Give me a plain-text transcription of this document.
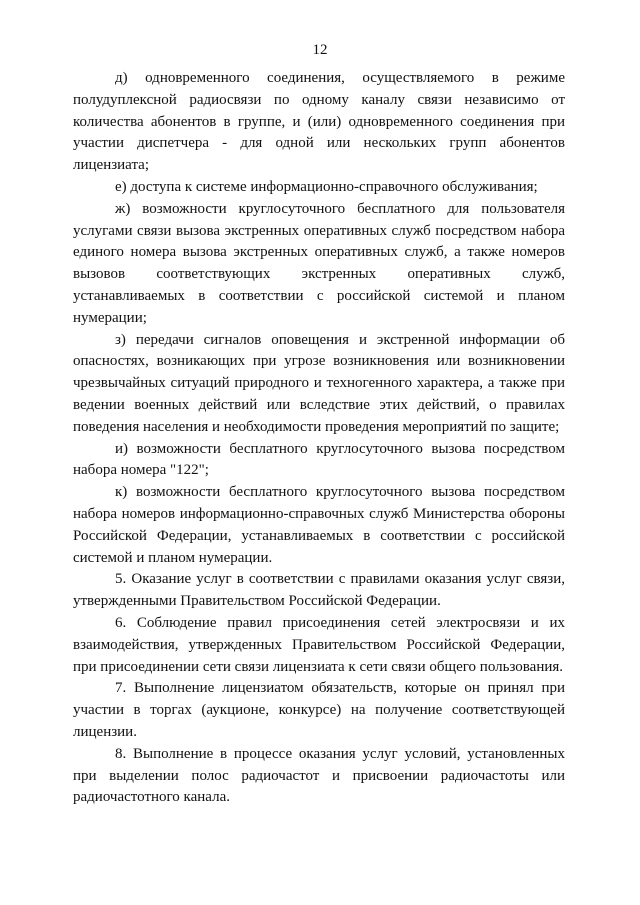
12

д) одновременного соединения, осуществляемого в режиме полудуплексной радиосвязи по одному каналу связи независимо от количества абонентов в группе, и (или) одновременного соединения при участии диспетчера - для одной или нескольких групп абонентов лицензиата;

е) доступа к системе информационно-справочного обслуживания;

ж) возможности круглосуточного бесплатного для пользователя услугами связи вызова экстренных оперативных служб посредством набора единого номера вызова экстренных оперативных служб, а также номеров вызовов соответствующих экстренных оперативных служб, устанавливаемых в соответствии с российской системой и планом нумерации;

з) передачи сигналов оповещения и экстренной информации об опасностях, возникающих при угрозе возникновения или возникновении чрезвычайных ситуаций природного и техногенного характера, а также при ведении военных действий или вследствие этих действий, о правилах поведения населения и необходимости проведения мероприятий по защите;

и) возможности бесплатного круглосуточного вызова посредством набора номера "122";

к) возможности бесплатного круглосуточного вызова посредством набора номеров информационно-справочных служб Министерства обороны Российской Федерации, устанавливаемых в соответствии с российской системой и планом нумерации.

5. Оказание услуг в соответствии с правилами оказания услуг связи, утвержденными Правительством Российской Федерации.

6. Соблюдение правил присоединения сетей электросвязи и их взаимодействия, утвержденных Правительством Российской Федерации, при присоединении сети связи лицензиата к сети связи общего пользования.

7. Выполнение лицензиатом обязательств, которые он принял при участии в торгах (аукционе, конкурсе) на получение соответствующей лицензии.

8. Выполнение в процессе оказания услуг условий, установленных при выделении полос радиочастот и присвоении радиочастоты или радиочастотного канала.
